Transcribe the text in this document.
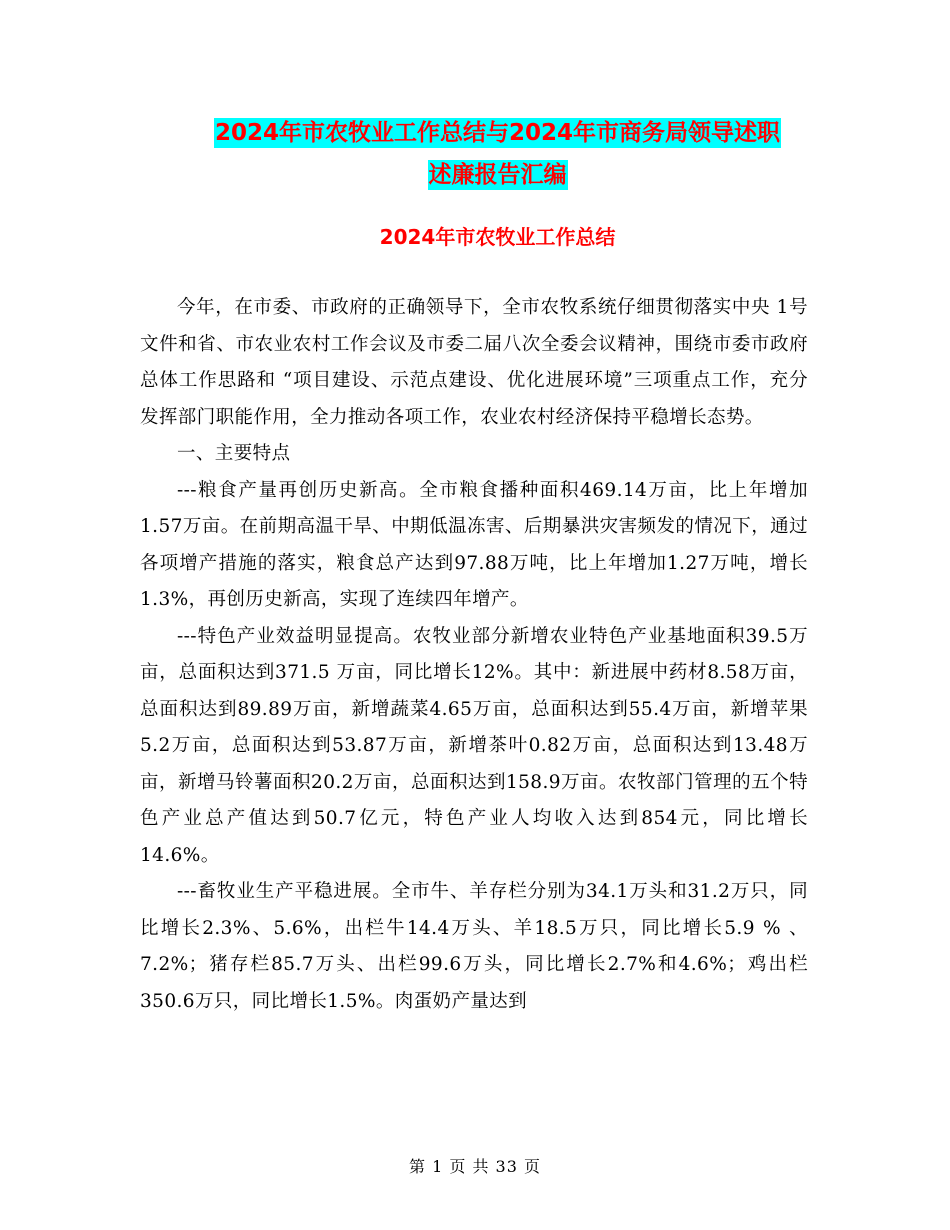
2024年市农牧业工作总结与2024年市商务局领导述职
述廉报告汇编
2024年市农牧业工作总结

今年，在市委、市政府的正确领导下，全市农牧系统仔细贯彻落实中央 1号文件和省、市农业农村工作会议及市委二届八次全委会议精神，围绕市委市政府总体工作思路和 “项目建设、示范点建设、优化进展环境”三项重点工作，充分发挥部门职能作用，全力推动各项工作，农业农村经济保持平稳增长态势。

一、主要特点

---粮食产量再创历史新高。全市粮食播种面积469.14万亩，比上年增加1.57万亩。在前期高温干旱、中期低温冻害、后期暴洪灾害频发的情况下，通过各项增产措施的落实，粮食总产达到97.88万吨，比上年增加1.27万吨，增长1.3%，再创历史新高，实现了连续四年增产。

---特色产业效益明显提高。农牧业部分新增农业特色产业基地面积39.5万亩，总面积达到371.5 万亩，同比增长12%。其中：新进展中药材8.58万亩，总面积达到89.89万亩，新增蔬菜4.65万亩，总面积达到55.4万亩，新增苹果5.2万亩，总面积达到53.87万亩，新增茶叶0.82万亩，总面积达到13.48万亩，新增马铃薯面积20.2万亩，总面积达到158.9万亩。农牧部门管理的五个特色产业总产值达到50.7亿元，特色产业人均收入达到854元，同比增长14.6%。

---畜牧业生产平稳进展。全市牛、羊存栏分别为34.1万头和31.2万只，同比增长2.3%、5.6%，出栏牛14.4万头、羊18.5万只，同比增长5.9 % 、7.2%；猪存栏85.7万头、出栏99.6万头，同比增长2.7%和4.6%；鸡出栏350.6万只，同比增长1.5%。肉蛋奶产量达到

第 1 页 共 33 页
